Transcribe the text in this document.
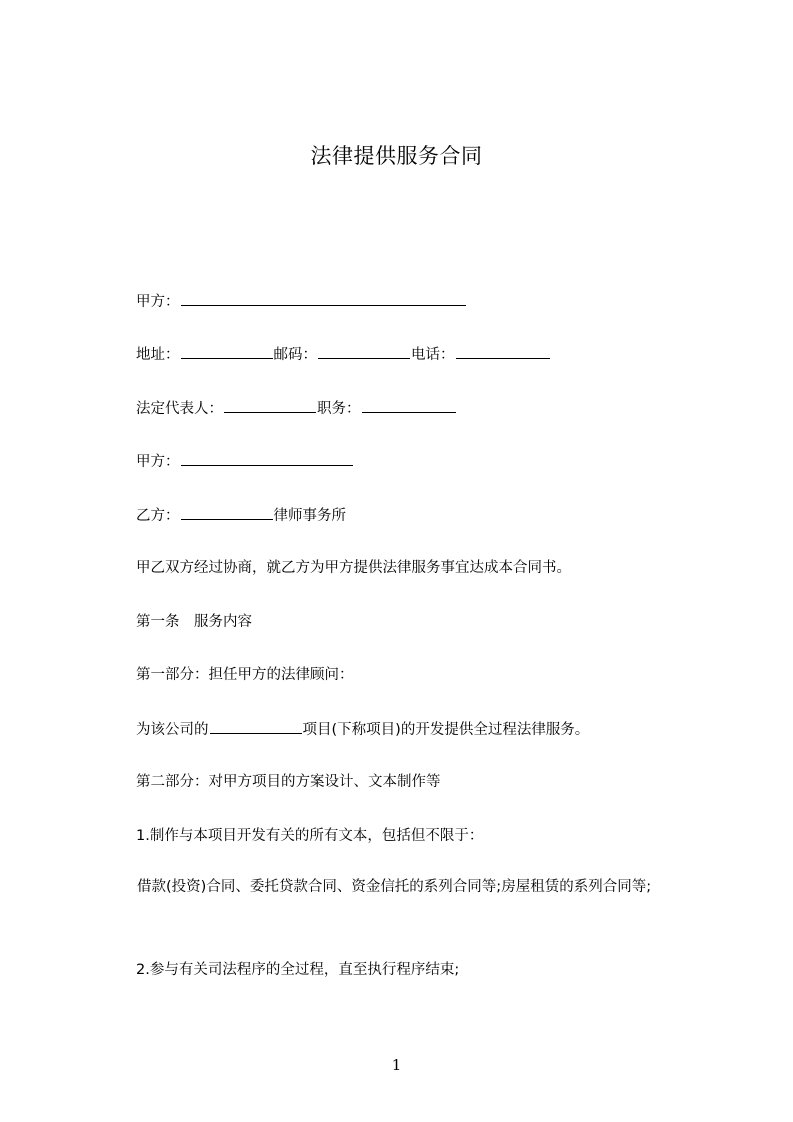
法律提供服务合同
甲方：
地址：	邮码：	电话：
法定代表人：	职务：
甲方：
乙方：	律师事务所
甲乙双方经过协商，就乙方为甲方提供法律服务事宜达成本合同书。
第一条　服务内容
第一部分：担任甲方的法律顾问：
为该公司的	项目(下称项目)的开发提供全过程法律服务。
第二部分：对甲方项目的方案设计、文本制作等
1.制作与本项目开发有关的所有文本，包括但不限于：
借款(投资)合同、委托贷款合同、资金信托的系列合同等;房屋租赁的系列合同等;
2.参与有关司法程序的全过程，直至执行程序结束;
1
